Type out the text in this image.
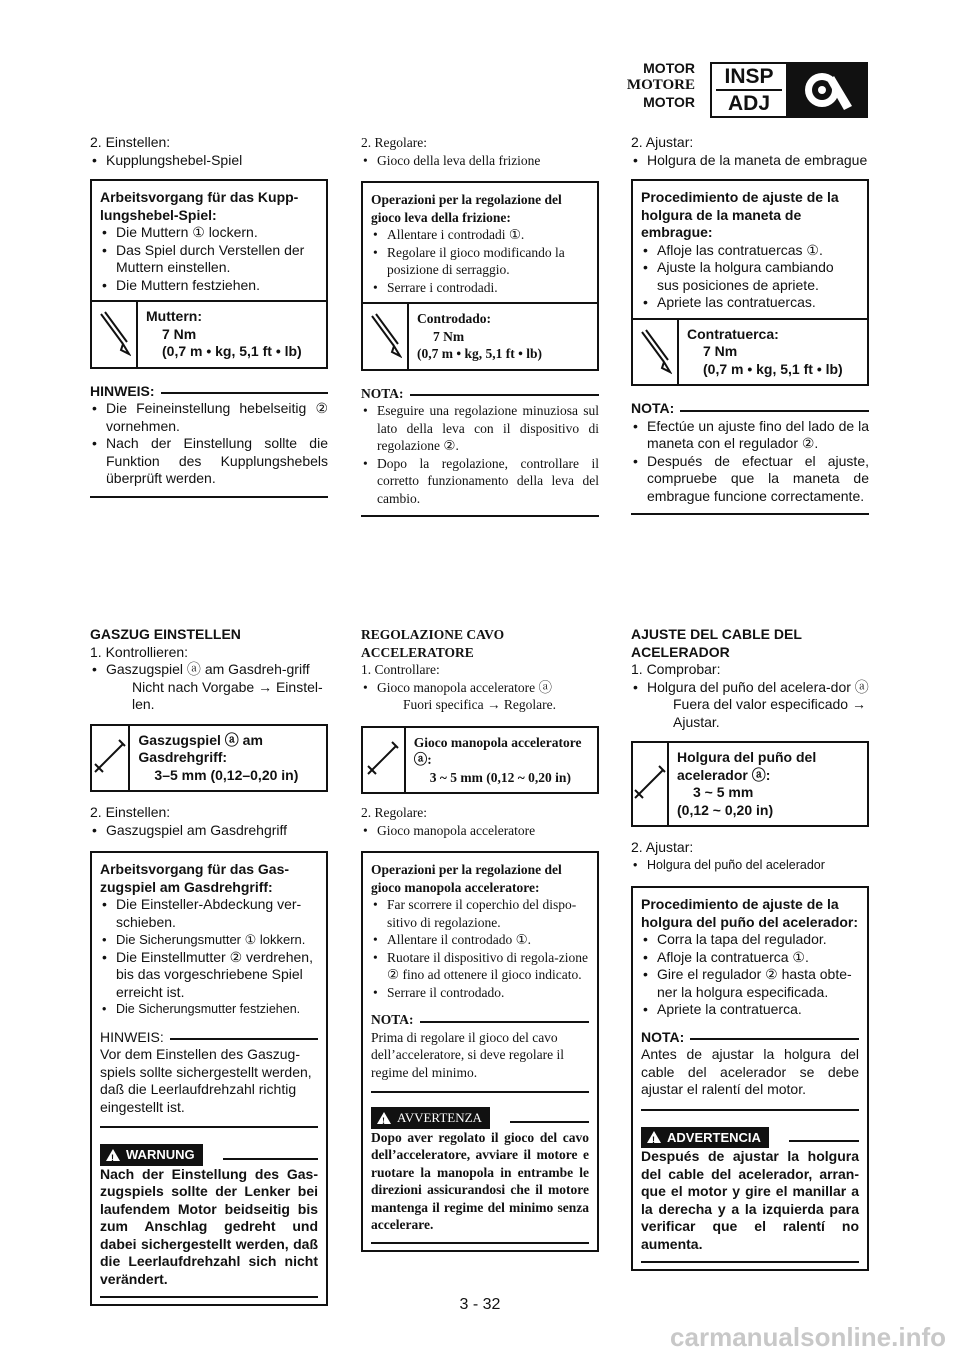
MOTOR
MOTORE
MOTOR
INSP
ADJ

2. Einstellen:

• Kupplungshebel-Spiel

Arbeitsvorgang für das Kupp-lungshebel-Spiel:

• Die Muttern ① lockern.
• Das Spiel durch Verstellen der Muttern einstellen.
• Die Muttern festziehen.
Muttern:
7 Nm
(0,7 m • kg, 5,1 ft • lb)
HINWEIS:
• Die Feineinstellung hebelseitig ② vornehmen.
• Nach der Einstellung sollte die Funktion des Kupplungshebels überprüft werden.

GASZUG EINSTELLEN

1. Kontrollieren:

• Gaszugspiel ⓐ am Gasdreh-griff

Nicht nach Vorgabe → Einstel-len.

Gaszugspiel ⓐ am Gasdrehgriff:
3–5 mm (0,12–0,20 in)

2. Einstellen:

• Gaszugspiel am Gasdrehgriff

Arbeitsvorgang für das Gas-zugspiel am Gasdrehgriff:

• Die Einsteller-Abdeckung ver-schieben.
• Die Sicherungsmutter ① lokkern.
• Die Einstellmutter ② verdrehen, bis das vorgeschriebene Spiel erreicht ist.
• Die Sicherungsmutter festziehen.
HINWEIS:

Vor dem Einstellen des Gaszug-spiels sollte sichergestellt werden, daß die Leerlaufdrehzahl richtig eingestellt ist.

!
WARNUNG

Nach der Einstellung des Gas-zugspiels sollte der Lenker bei laufendem Motor beidseitig bis zum Anschlag gedreht und dabei sichergestellt werden, daß die Leerlaufdrehzahl sich nicht verändert.

2. Regolare:

• Gioco della leva della frizione

Operazioni per la regolazione del gioco leva della frizione:

• Allentare i controdadi ①.
• Regolare il gioco modificando la posizione di serraggio.
• Serrare i controdadi.
Controdado:
7 Nm
(0,7 m • kg, 5,1 ft • lb)
NOTA:
• Eseguire una regolazione minuziosa sul lato della leva con il dispositivo di regolazione ②.
• Dopo la regolazione, controllare il corretto funzionamento della leva del cambio.

REGOLAZIONE CAVO ACCELERATORE

1. Controllare:

• Gioco manopola acceleratore ⓐ

Fuori specifica → Regolare.

Gioco manopola acceleratore ⓐ:
3 ~ 5 mm (0,12 ~ 0,20 in)

2. Regolare:

• Gioco manopola acceleratore

Operazioni per la regolazione del gioco manopola acceleratore:

• Far scorrere il coperchio del dispo-sitivo di regolazione.
• Allentare il controdado ①.
• Ruotare il dispositivo di regola-zione ② fino ad ottenere il gioco indicato.
• Serrare il controdado.
NOTA:

Prima di regolare il gioco del cavo dell’acceleratore, si deve regolare il regime del minimo.

!
AVVERTENZA

Dopo aver regolato il gioco del cavo dell’acceleratore, avviare il motore e ruotare la manopola in entrambe le direzioni assicurandosi che il motore mantenga il regime del minimo senza accelerare.

2. Ajustar:

• Holgura de la maneta de embrague

Procedimiento de ajuste de la holgura de la maneta de embrague:

• Afloje las contratuercas ①.
• Ajuste la holgura cambiando sus posiciones de apriete.
• Apriete las contratuercas.
Contratuerca:
7 Nm
(0,7 m • kg, 5,1 ft • lb)
NOTA:
• Efectúe un ajuste fino del lado de la maneta con el regulador ②.
• Después de efectuar el ajuste, compruebe que la maneta de embrague funcione correctamente.

AJUSTE DEL CABLE DEL ACELERADOR

1. Comprobar:

• Holgura del puño del acelera-dor ⓐ

Fuera del valor especificado → Ajustar.

Holgura del puño del acelerador ⓐ:
3 ~ 5 mm
(0,12 ~ 0,20 in)

2. Ajustar:

• Holgura del puño del acelerador

Procedimiento de ajuste de la holgura del puño del acelerador:

• Corra la tapa del regulador.
• Afloje la contratuerca ①.
• Gire el regulador ② hasta obte-ner la holgura especificada.
• Apriete la contratuerca.
NOTA:

Antes de ajustar la holgura del cable del acelerador se debe ajustar el ralentí del motor.

!
ADVERTENCIA

Después de ajustar la holgura del cable del acelerador, arran-que el motor y gire el manillar a la derecha y a la izquierda para verificar que el ralentí no aumenta.

3 - 32
carmanualsonline.info
